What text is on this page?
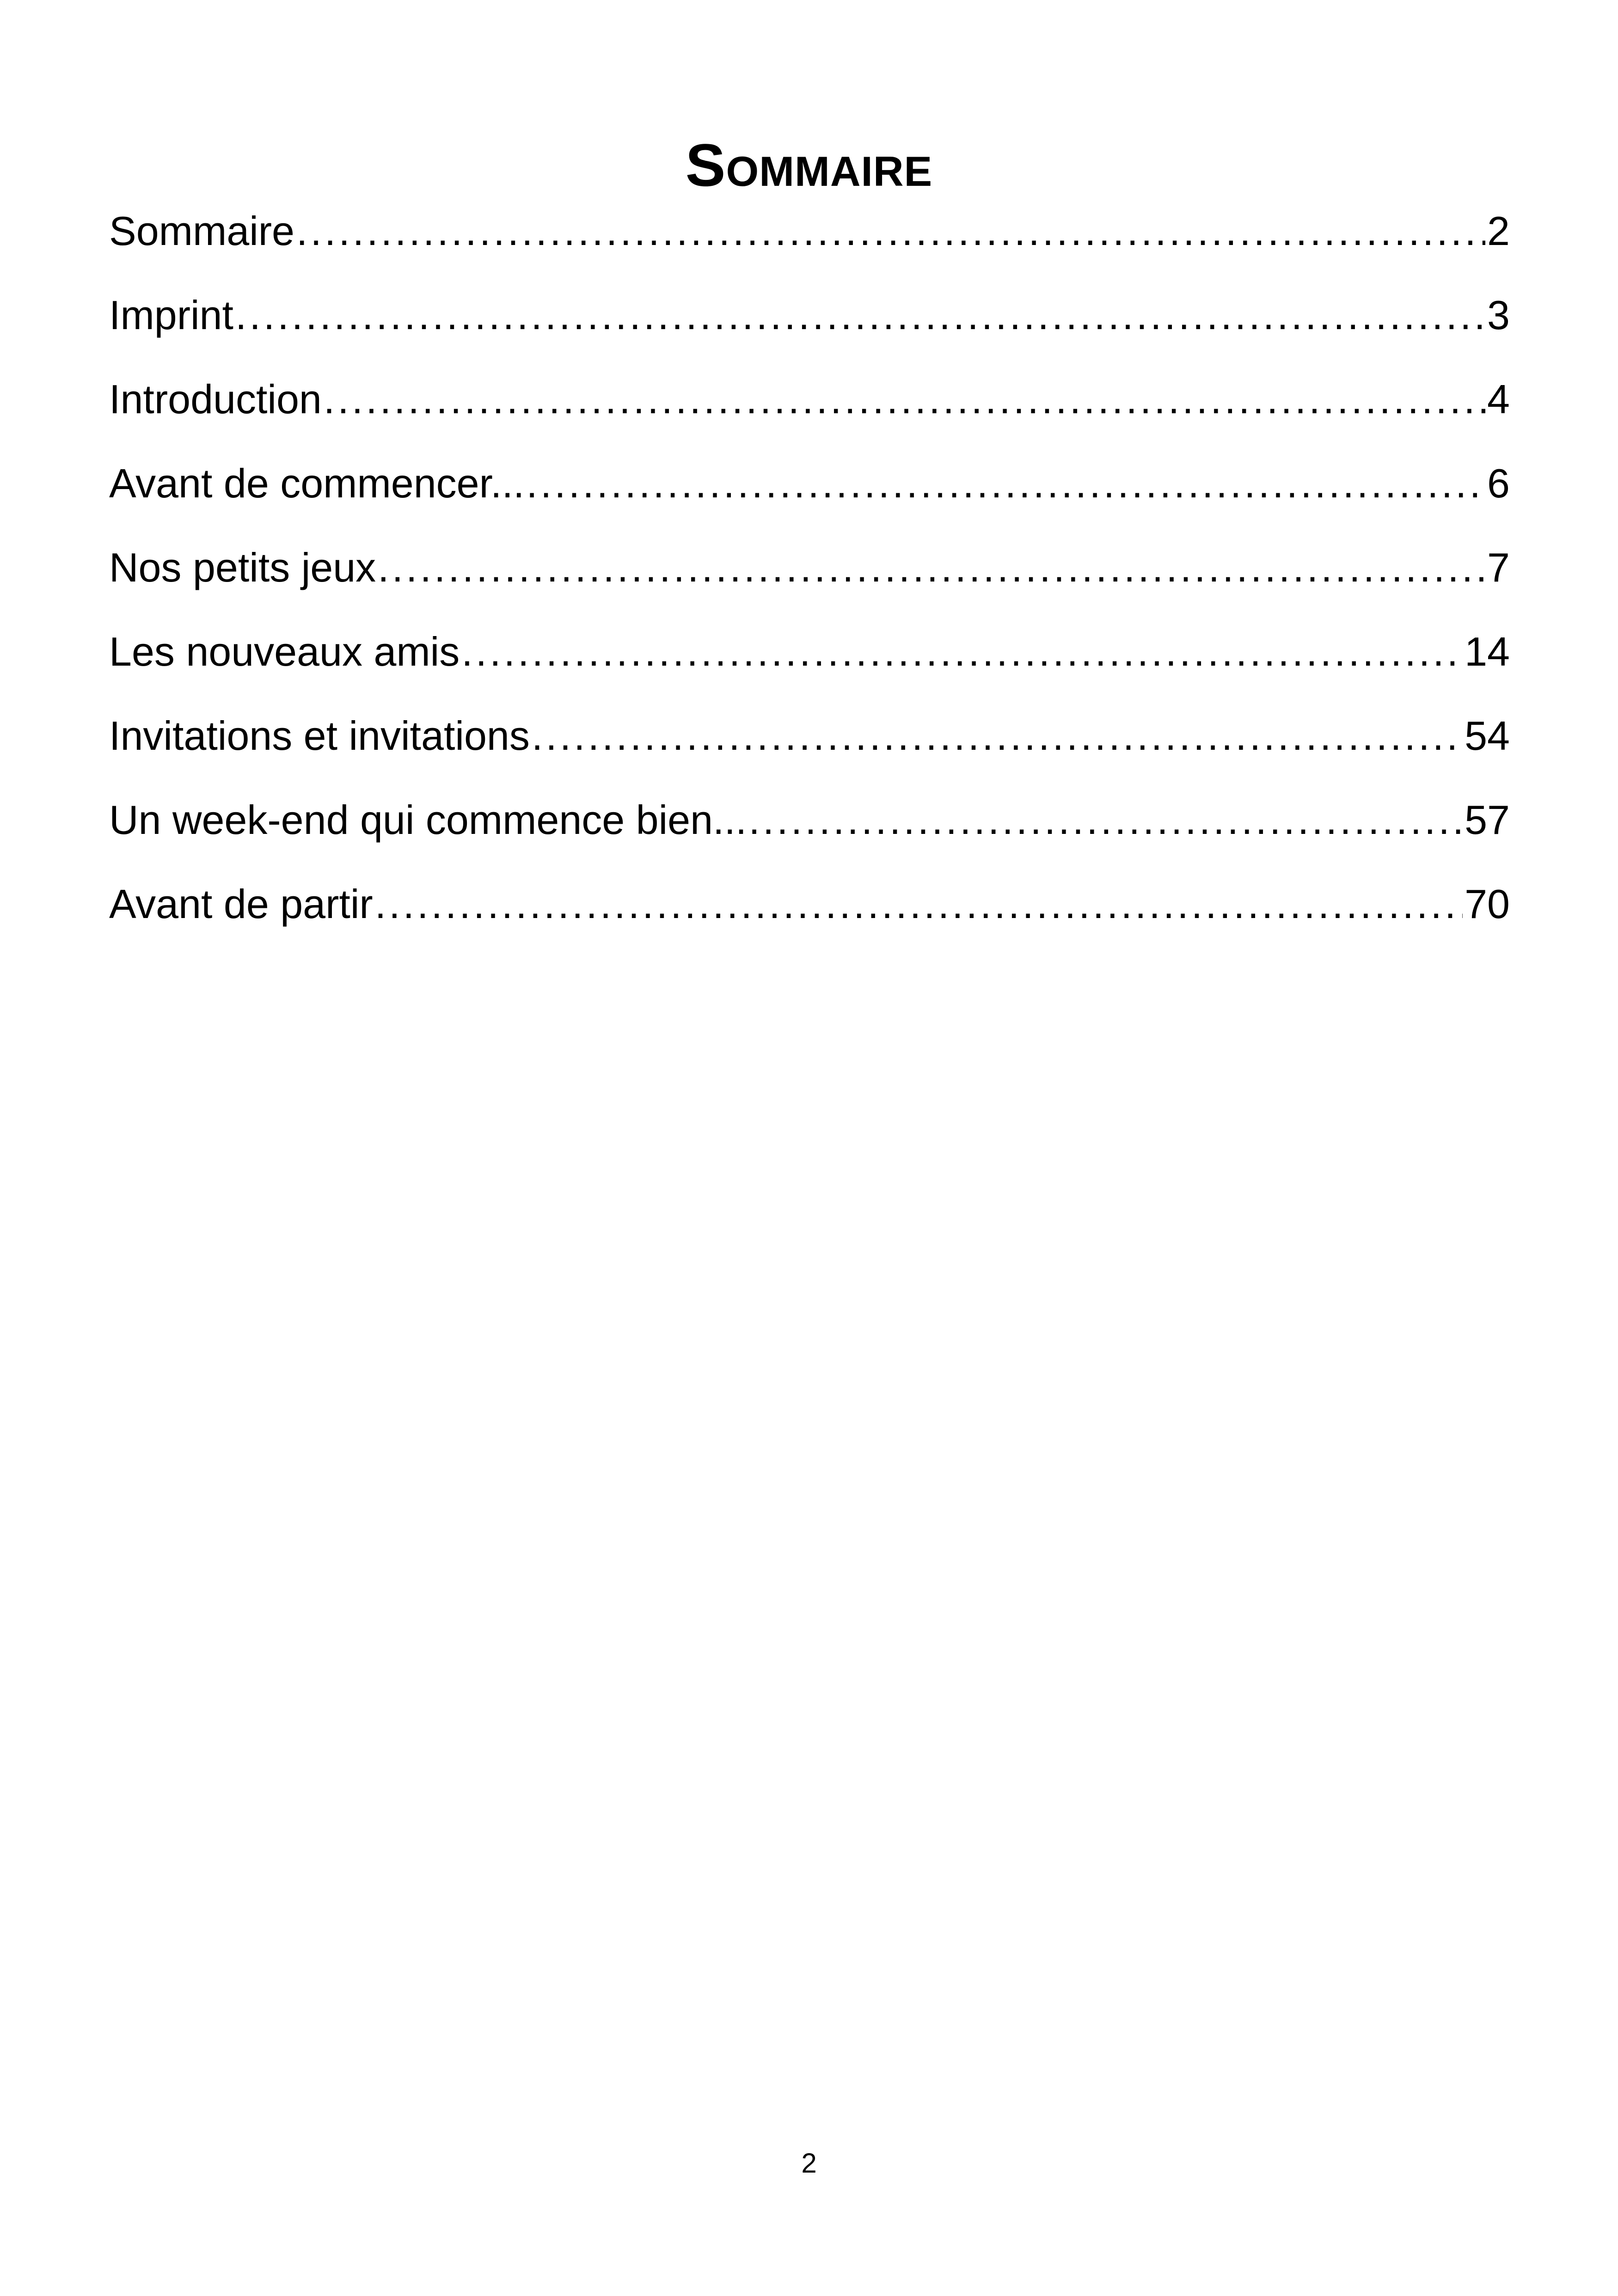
Sommaire
Sommaire .....	2
Imprint .....	3
Introduction .....	4
Avant de commencer... .....	6
Nos petits jeux .....	7
Les nouveaux amis .....	14
Invitations et invitations .....	54
Un week-end qui commence bien... .....	57
Avant de partir .....	70
2
